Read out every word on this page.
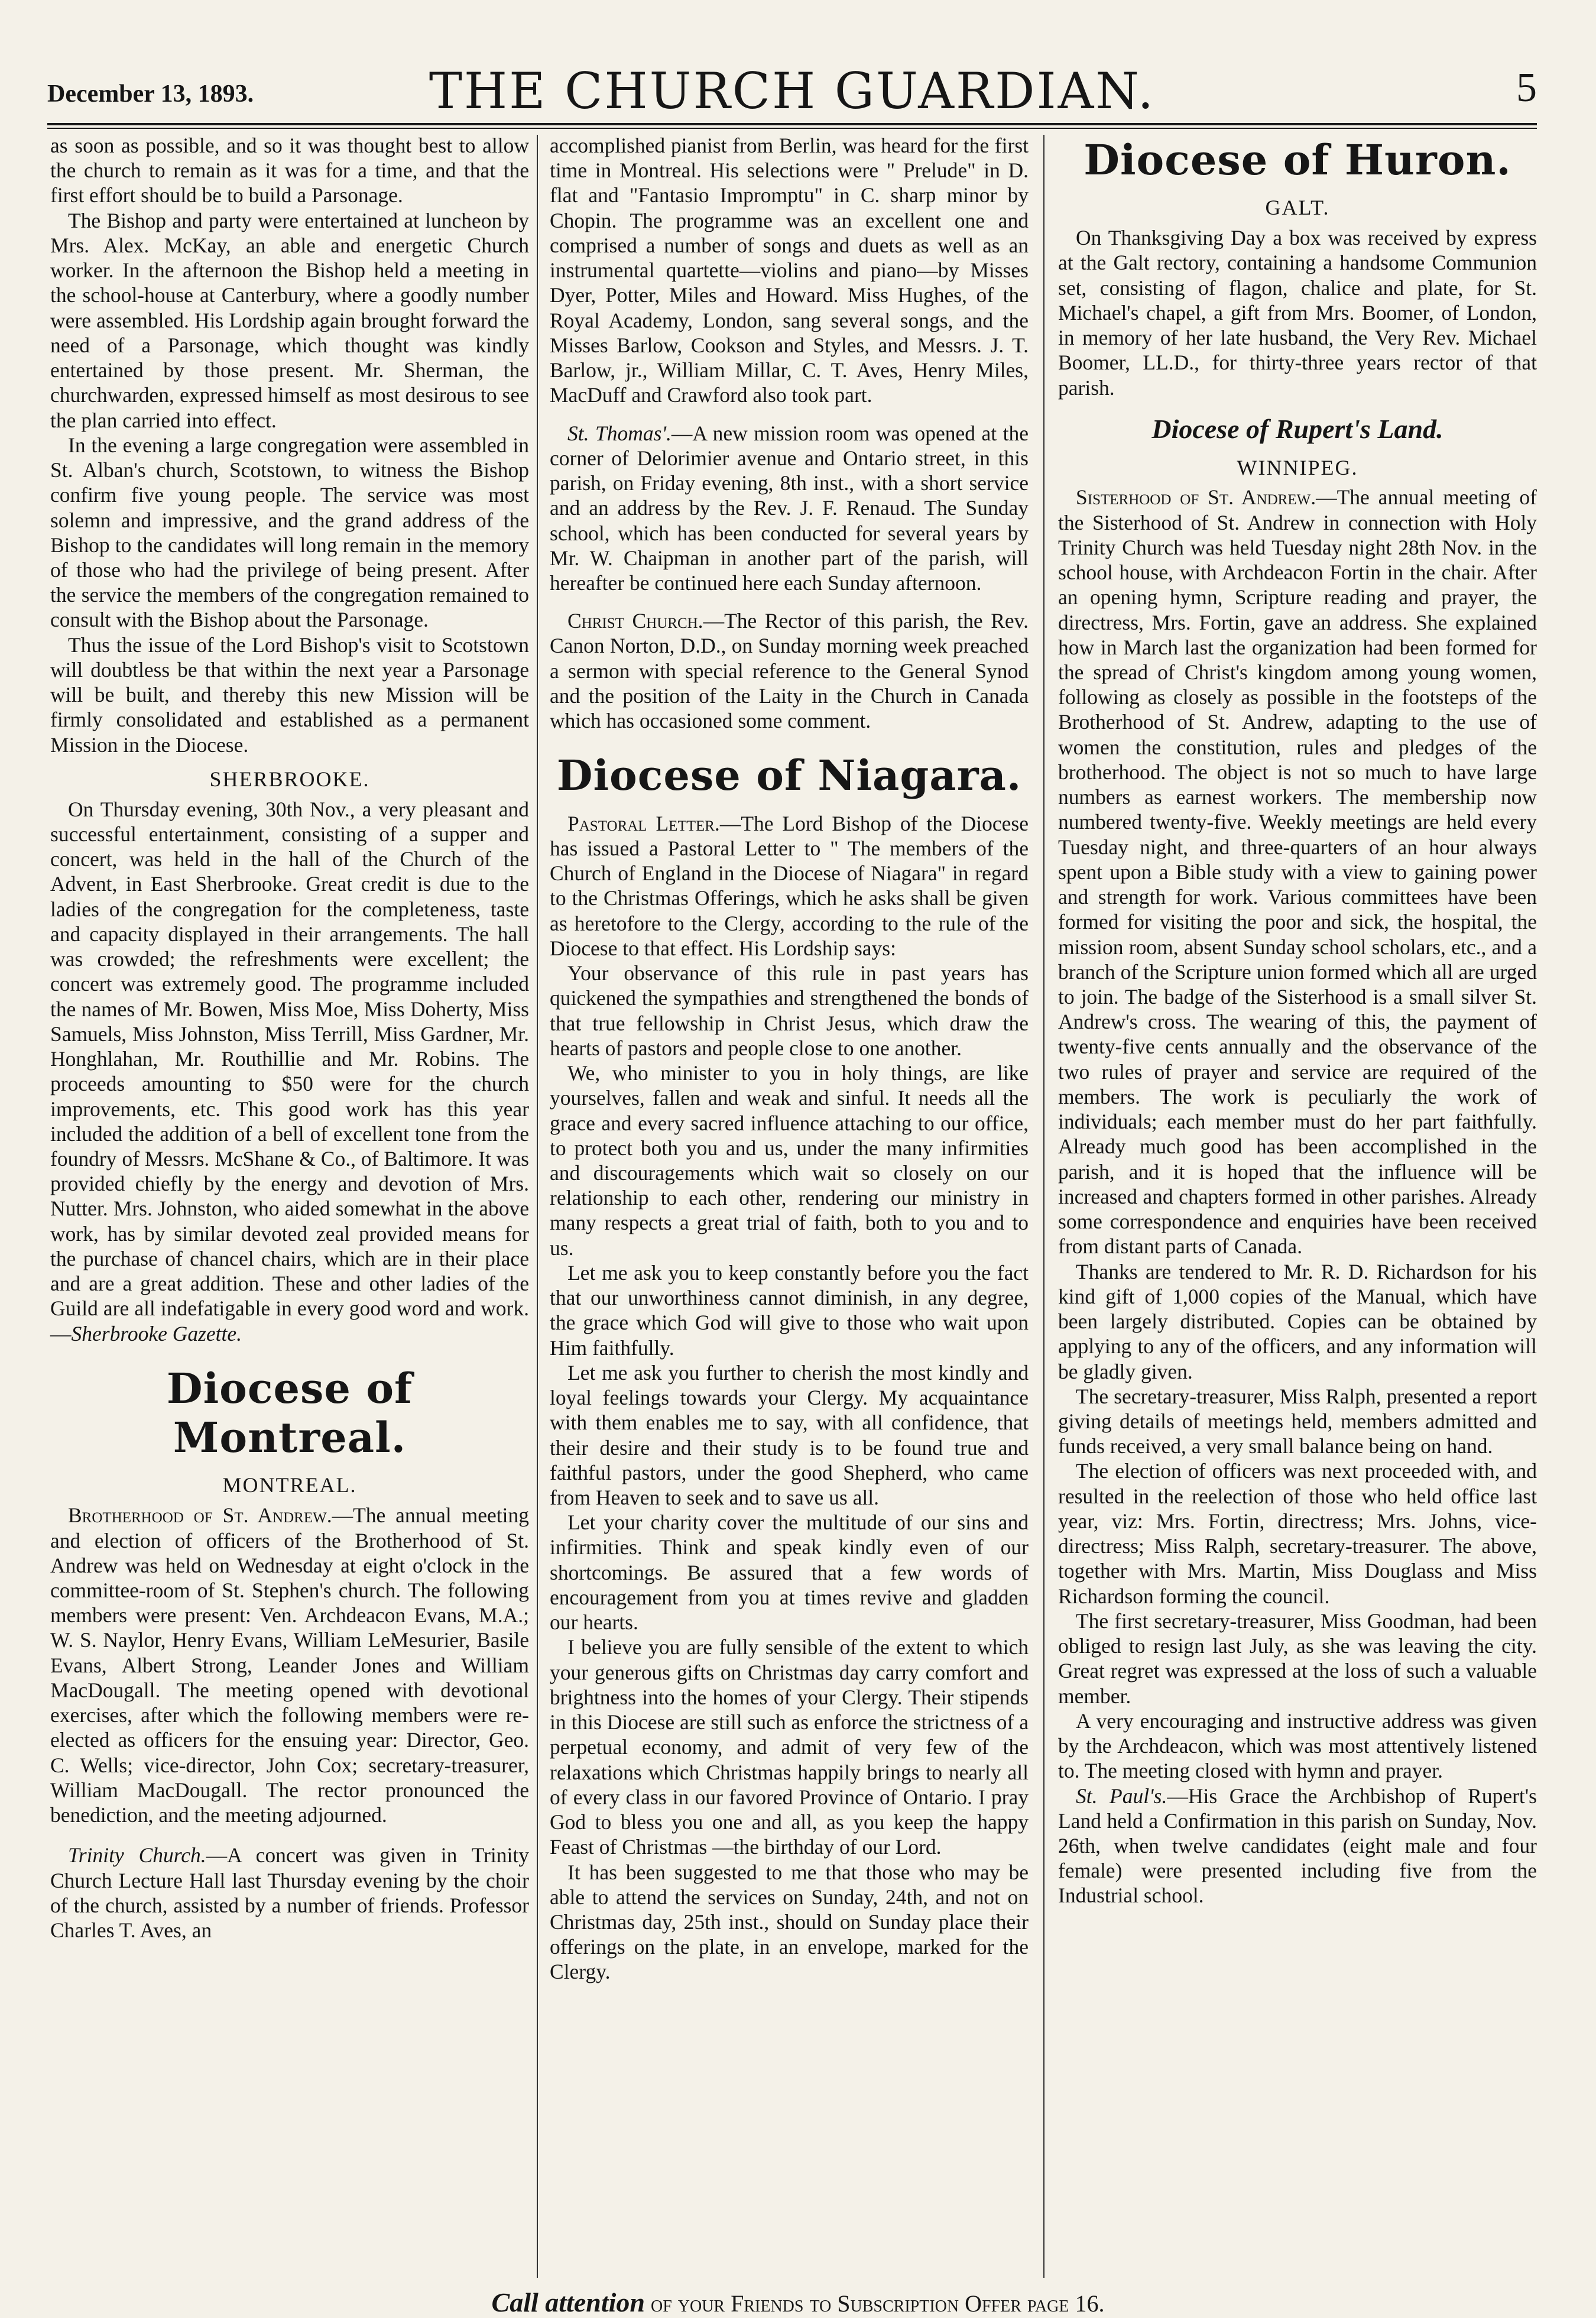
December 13, 1893.	THE CHURCH GUARDIAN.	5

as soon as possible, and so it was thought best to allow the church to remain as it was for a time, and that the first effort should be to build a Parsonage.

The Bishop and party were entertained at luncheon by Mrs. Alex. McKay, an able and energetic Church worker. In the afternoon the Bishop held a meeting in the school-house at Canterbury, where a goodly number were assembled. His Lordship again brought forward the need of a Parsonage, which thought was kindly entertained by those present. Mr. Sherman, the churchwarden, expressed himself as most desirous to see the plan carried into effect.

In the evening a large congregation were assembled in St. Alban's church, Scotstown, to witness the Bishop confirm five young people. The service was most solemn and impressive, and the grand address of the Bishop to the candidates will long remain in the memory of those who had the privilege of being present. After the service the members of the congregation remained to consult with the Bishop about the Parsonage.

Thus the issue of the Lord Bishop's visit to Scotstown will doubtless be that within the next year a Parsonage will be built, and thereby this new Mission will be firmly consolidated and established as a permanent Mission in the Diocese.

SHERBROOKE.

On Thursday evening, 30th Nov., a very pleasant and successful entertainment, consisting of a supper and concert, was held in the hall of the Church of the Advent, in East Sherbrooke. Great credit is due to the ladies of the congregation for the completeness, taste and capacity displayed in their arrangements. The hall was crowded; the refreshments were excellent; the concert was extremely good. The programme included the names of Mr. Bowen, Miss Moe, Miss Doherty, Miss Samuels, Miss Johnston, Miss Terrill, Miss Gardner, Mr. Honghlahan, Mr. Routhillie and Mr. Robins. The proceeds amounting to $50 were for the church improvements, etc. This good work has this year included the addition of a bell of excellent tone from the foundry of Messrs. McShane & Co., of Baltimore. It was provided chiefly by the energy and devotion of Mrs. Nutter. Mrs. Johnston, who aided somewhat in the above work, has by similar devoted zeal provided means for the purchase of chancel chairs, which are in their place and are a great addition. These and other ladies of the Guild are all indefatigable in every good word and work.—Sherbrooke Gazette.

Diocese of Montreal.
MONTREAL.

Brotherhood of St. Andrew.—The annual meeting and election of officers of the Brotherhood of St. Andrew was held on Wednesday at eight o'clock in the committee-room of St. Stephen's church. The following members were present: Ven. Archdeacon Evans, M.A.; W. S. Naylor, Henry Evans, William LeMesurier, Basile Evans, Albert Strong, Leander Jones and William MacDougall. The meeting opened with devotional exercises, after which the following members were re-elected as officers for the ensuing year: Director, Geo. C. Wells; vice-director, John Cox; secretary-treasurer, William MacDougall. The rector pronounced the benediction, and the meeting adjourned.

Trinity Church.—A concert was given in Trinity Church Lecture Hall last Thursday evening by the choir of the church, assisted by a number of friends. Professor Charles T. Aves, an

accomplished pianist from Berlin, was heard for the first time in Montreal. His selections were " Prelude" in D. flat and "Fantasio Impromptu" in C. sharp minor by Chopin. The programme was an excellent one and comprised a number of songs and duets as well as an instrumental quartette—violins and piano—by Misses Dyer, Potter, Miles and Howard. Miss Hughes, of the Royal Academy, London, sang several songs, and the Misses Barlow, Cookson and Styles, and Messrs. J. T. Barlow, jr., William Millar, C. T. Aves, Henry Miles, MacDuff and Crawford also took part.

St. Thomas'.—A new mission room was opened at the corner of Delorimier avenue and Ontario street, in this parish, on Friday evening, 8th inst., with a short service and an address by the Rev. J. F. Renaud. The Sunday school, which has been conducted for several years by Mr. W. Chaipman in another part of the parish, will hereafter be continued here each Sunday afternoon.

Christ Church.—The Rector of this parish, the Rev. Canon Norton, D.D., on Sunday morning week preached a sermon with special reference to the General Synod and the position of the Laity in the Church in Canada which has occasioned some comment.

Diocese of Niagara.

Pastoral Letter.—The Lord Bishop of the Diocese has issued a Pastoral Letter to " The members of the Church of England in the Diocese of Niagara" in regard to the Christmas Offerings, which he asks shall be given as heretofore to the Clergy, according to the rule of the Diocese to that effect. His Lordship says:

Your observance of this rule in past years has quickened the sympathies and strengthened the bonds of that true fellowship in Christ Jesus, which draw the hearts of pastors and people close to one another.

We, who minister to you in holy things, are like yourselves, fallen and weak and sinful. It needs all the grace and every sacred influence attaching to our office, to protect both you and us, under the many infirmities and discouragements which wait so closely on our relationship to each other, rendering our ministry in many respects a great trial of faith, both to you and to us.

Let me ask you to keep constantly before you the fact that our unworthiness cannot diminish, in any degree, the grace which God will give to those who wait upon Him faithfully.

Let me ask you further to cherish the most kindly and loyal feelings towards your Clergy. My acquaintance with them enables me to say, with all confidence, that their desire and their study is to be found true and faithful pastors, under the good Shepherd, who came from Heaven to seek and to save us all.

Let your charity cover the multitude of our sins and infirmities. Think and speak kindly even of our shortcomings. Be assured that a few words of encouragement from you at times revive and gladden our hearts.

I believe you are fully sensible of the extent to which your generous gifts on Christmas day carry comfort and brightness into the homes of your Clergy. Their stipends in this Diocese are still such as enforce the strictness of a perpetual economy, and admit of very few of the relaxations which Christmas happily brings to nearly all of every class in our favored Province of Ontario. I pray God to bless you one and all, as you keep the happy Feast of Christmas —the birthday of our Lord.

It has been suggested to me that those who may be able to attend the services on Sunday, 24th, and not on Christmas day, 25th inst., should on Sunday place their offerings on the plate, in an envelope, marked for the Clergy.

Diocese of Huron.
GALT.

On Thanksgiving Day a box was received by express at the Galt rectory, containing a handsome Communion set, consisting of flagon, chalice and plate, for St. Michael's chapel, a gift from Mrs. Boomer, of London, in memory of her late husband, the Very Rev. Michael Boomer, LL.D., for thirty-three years rector of that parish.

Diocese of Rupert's Land.
WINNIPEG.

Sisterhood of St. Andrew.—The annual meeting of the Sisterhood of St. Andrew in connection with Holy Trinity Church was held Tuesday night 28th Nov. in the school house, with Archdeacon Fortin in the chair. After an opening hymn, Scripture reading and prayer, the directress, Mrs. Fortin, gave an address. She explained how in March last the organization had been formed for the spread of Christ's kingdom among young women, following as closely as possible in the footsteps of the Brotherhood of St. Andrew, adapting to the use of women the constitution, rules and pledges of the brotherhood. The object is not so much to have large numbers as earnest workers. The membership now numbered twenty-five. Weekly meetings are held every Tuesday night, and three-quarters of an hour always spent upon a Bible study with a view to gaining power and strength for work. Various committees have been formed for visiting the poor and sick, the hospital, the mission room, absent Sunday school scholars, etc., and a branch of the Scripture union formed which all are urged to join. The badge of the Sisterhood is a small silver St. Andrew's cross. The wearing of this, the payment of twenty-five cents annually and the observance of the two rules of prayer and service are required of the members. The work is peculiarly the work of individuals; each member must do her part faithfully. Already much good has been accomplished in the parish, and it is hoped that the influence will be increased and chapters formed in other parishes. Already some correspondence and enquiries have been received from distant parts of Canada.

Thanks are tendered to Mr. R. D. Richardson for his kind gift of 1,000 copies of the Manual, which have been largely distributed. Copies can be obtained by applying to any of the officers, and any information will be gladly given.

The secretary-treasurer, Miss Ralph, presented a report giving details of meetings held, members admitted and funds received, a very small balance being on hand.

The election of officers was next proceeded with, and resulted in the reelection of those who held office last year, viz: Mrs. Fortin, directress; Mrs. Johns, vice-directress; Miss Ralph, secretary-treasurer. The above, together with Mrs. Martin, Miss Douglass and Miss Richardson forming the council.

The first secretary-treasurer, Miss Goodman, had been obliged to resign last July, as she was leaving the city. Great regret was expressed at the loss of such a valuable member.

A very encouraging and instructive address was given by the Archdeacon, which was most attentively listened to. The meeting closed with hymn and prayer.

St. Paul's.—His Grace the Archbishop of Rupert's Land held a Confirmation in this parish on Sunday, Nov. 26th, when twelve candidates (eight male and four female) were presented including five from the Industrial school.

Call attention of your Friends to Subscription Offer page 16.
